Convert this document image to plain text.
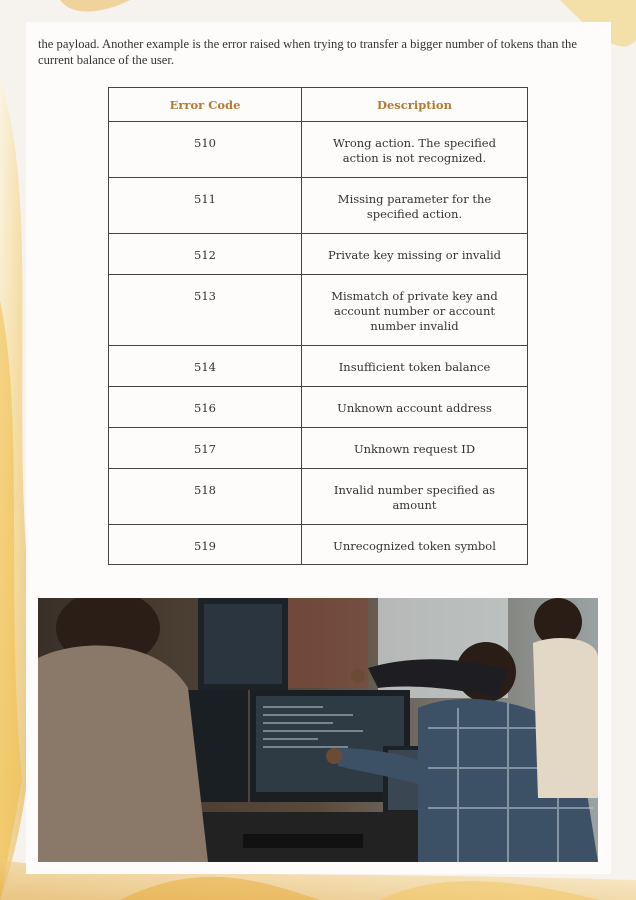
the payload. Another example is the error raised when trying to transfer a bigger number of tokens than the current balance of the user.

Error Code	Description
510	Wrong action. The specified action is not recognized.
511	Missing parameter for the specified action.
512	Private key missing or invalid
513	Mismatch of private key and account number or account number invalid
514	Insufficient token balance
516	Unknown account address
517	Unknown request ID
518	Invalid number specified as amount
519	Unrecognized token symbol
